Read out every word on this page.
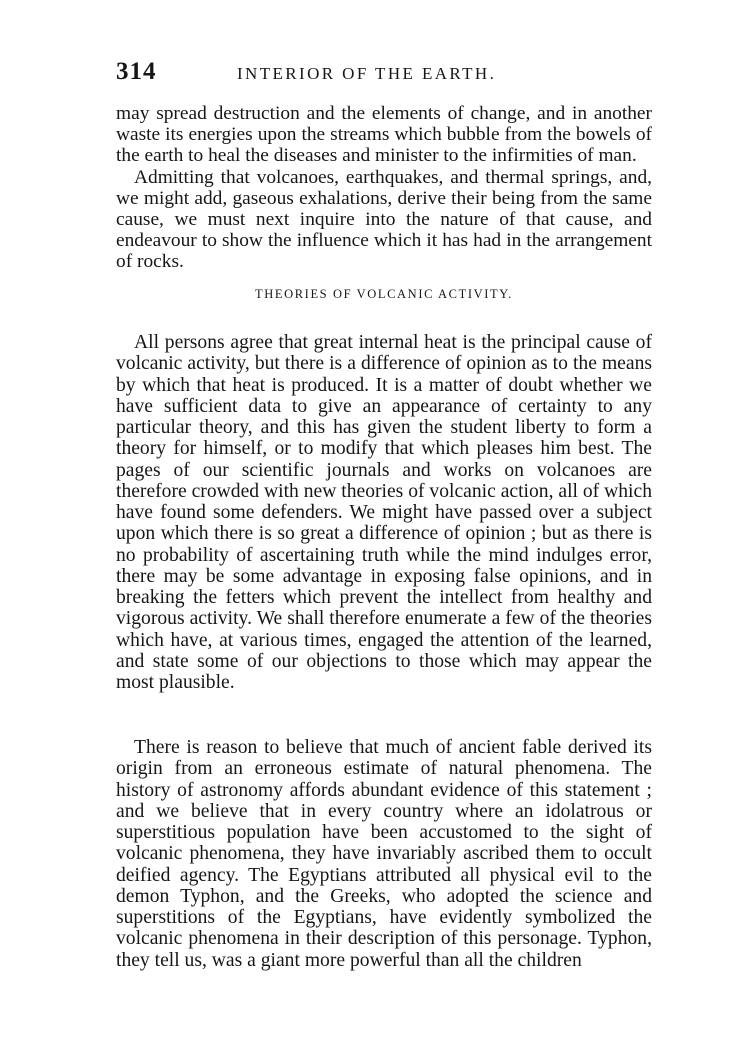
314	INTERIOR OF THE EARTH.

may spread destruction and the elements of change, and in another waste its energies upon the streams which bubble from the bowels of the earth to heal the diseases and minister to the infirmities of man.

Admitting that volcanoes, earthquakes, and thermal springs, and, we might add, gaseous exhalations, derive their being from the same cause, we must next inquire into the nature of that cause, and endeavour to show the influence which it has had in the arrangement of rocks.

THEORIES OF VOLCANIC ACTIVITY.

All persons agree that great internal heat is the principal cause of volcanic activity, but there is a difference of opinion as to the means by which that heat is produced. It is a matter of doubt whether we have sufficient data to give an appearance of certainty to any particular theory, and this has given the student liberty to form a theory for himself, or to modify that which pleases him best. The pages of our scientific journals and works on volcanoes are therefore crowded with new theories of volcanic action, all of which have found some defenders. We might have passed over a subject upon which there is so great a difference of opinion ; but as there is no probability of ascertaining truth while the mind indulges error, there may be some advantage in exposing false opinions, and in breaking the fetters which prevent the intellect from healthy and vigorous activity. We shall therefore enumerate a few of the theories which have, at various times, engaged the attention of the learned, and state some of our objections to those which may appear the most plausible.

There is reason to believe that much of ancient fable derived its origin from an erroneous estimate of natural phenomena. The history of astronomy affords abundant evidence of this statement ; and we believe that in every country where an idolatrous or superstitious population have been accustomed to the sight of volcanic phenomena, they have invariably ascribed them to occult deified agency. The Egyptians attributed all physical evil to the demon Typhon, and the Greeks, who adopted the science and superstitions of the Egyptians, have evidently symbolized the volcanic phenomena in their description of this personage. Typhon, they tell us, was a giant more powerful than all the children
